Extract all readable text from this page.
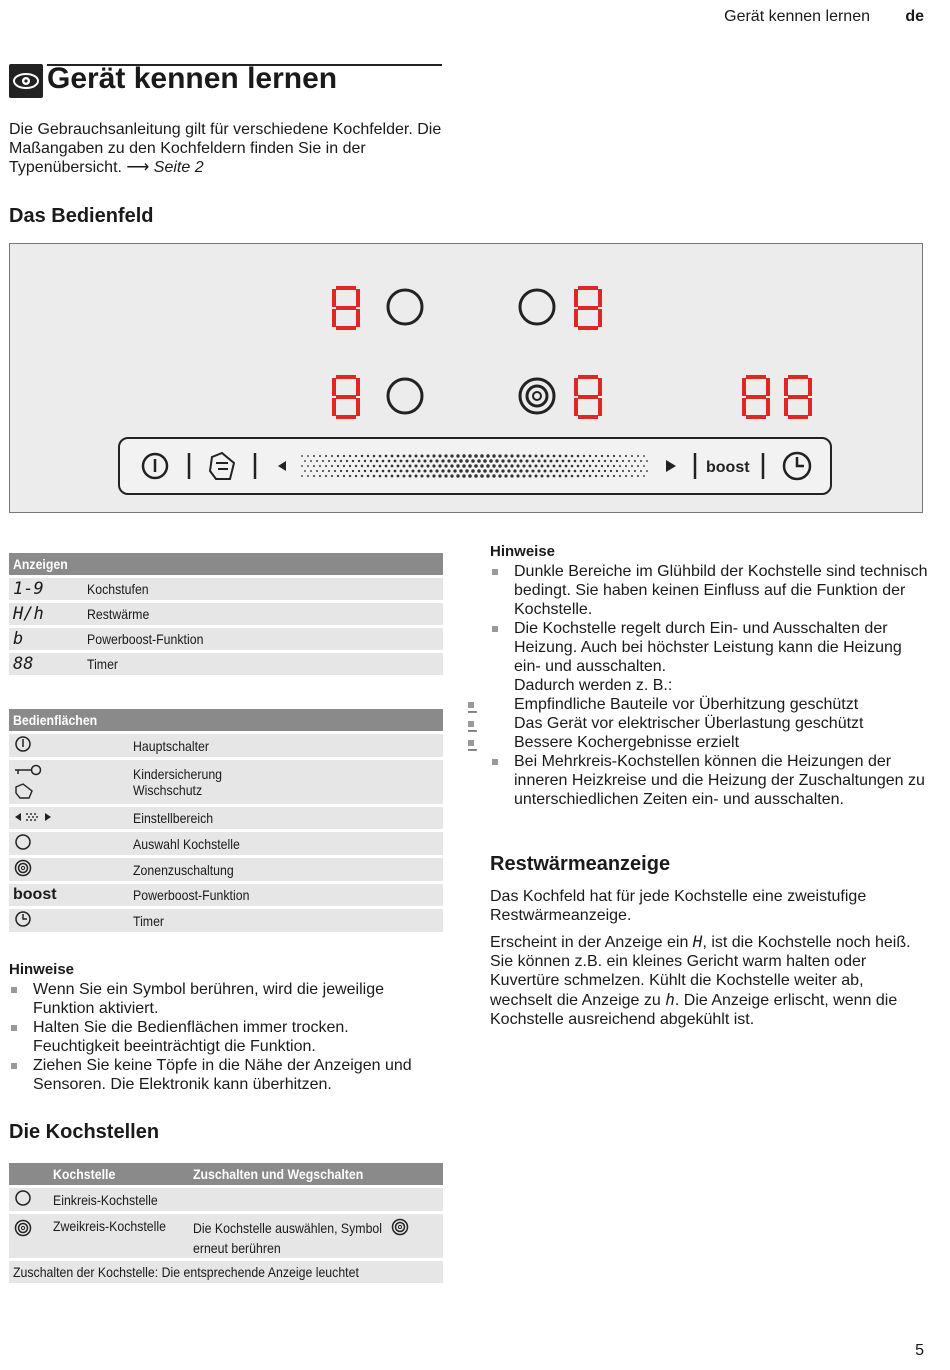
Gerät kennen lernen de
Gerät kennen lernen
Die Gebrauchsanleitung gilt für verschiedene Kochfelder. Die Maßangaben zu den Kochfeldern finden Sie in der Typenübersicht. ⟶ Seite 2
Das Bedienfeld
boost
Anzeigen	
1-9	Kochstufen
H/h	Restwärme
b	Powerboost-Funktion
88	Timer
Bedienflächen	
	Hauptschalter

	Kindersicherung
Wischschutz
	Einstellbereich
	Auswahl Kochstelle
	Zonenzuschaltung
boost	Powerboost-Funktion
	Timer
Hinweise
Wenn Sie ein Symbol berühren, wird die jeweilige Funktion aktiviert.
Halten Sie die Bedienflächen immer trocken. Feuchtigkeit beeinträchtigt die Funktion.
Ziehen Sie keine Töpfe in die Nähe der Anzeigen und Sensoren. Die Elektronik kann überhitzen.
Die Kochstellen
	Kochstelle	Zuschalten und Wegschalten
	Einkreis-Kochstelle	
	Zweikreis-Kochstelle	Die Kochstelle auswählen, Symbol
erneut berühren
Zuschalten der Kochstelle: Die entsprechende Anzeige leuchtet		
Hinweise
Dunkle Bereiche im Glühbild der Kochstelle sind technisch bedingt. Sie haben keinen Einfluss auf die Funktion der Kochstelle.
Die Kochstelle regelt durch Ein- und Ausschalten der Heizung. Auch bei höchster Leistung kann die Heizung ein- und ausschalten.
Dadurch werden z. B.:
– Empfindliche Bauteile vor Überhitzung geschützt
– Das Gerät vor elektrischer Überlastung geschützt
– Bessere Kochergebnisse erzielt
Bei Mehrkreis-Kochstellen können die Heizungen der inneren Heizkreise und die Heizung der Zuschaltungen zu unterschiedlichen Zeiten ein- und ausschalten.
Restwärmeanzeige
Das Kochfeld hat für jede Kochstelle eine zweistufige Restwärmeanzeige.
Erscheint in der Anzeige ein H, ist die Kochstelle noch heiß. Sie können z.B. ein kleines Gericht warm halten oder Kuvertüre schmelzen. Kühlt die Kochstelle weiter ab, wechselt die Anzeige zu h. Die Anzeige erlischt, wenn die Kochstelle ausreichend abgekühlt ist.
5
